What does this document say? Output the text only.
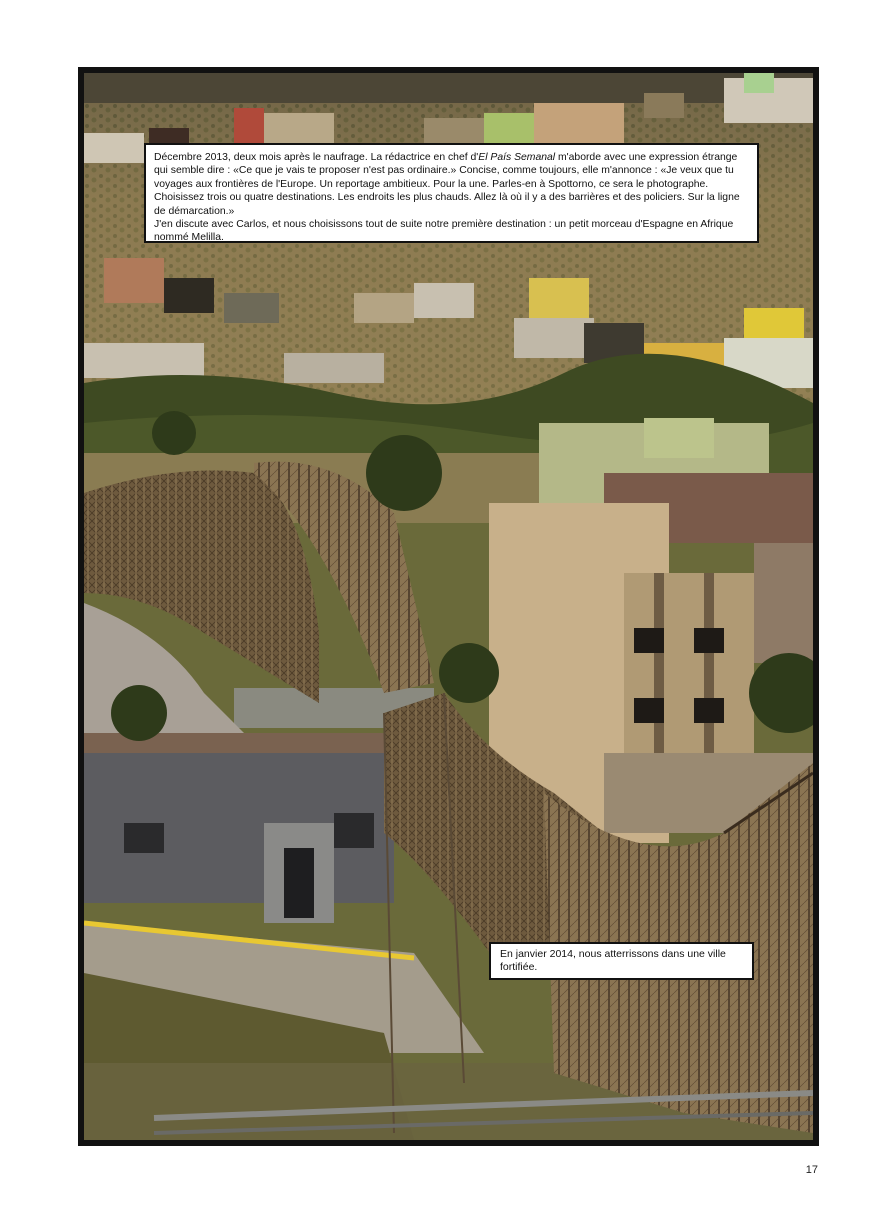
Décembre 2013, deux mois après le naufrage. La rédactrice en chef d'El País Semanal m'aborde avec une expression étrange qui semble dire : «Ce que je vais te proposer n'est pas ordinaire.» Concise, comme toujours, elle m'annonce : «Je veux que tu voyages aux frontières de l'Europe. Un reportage ambitieux. Pour la une. Parles-en à Spottorno, ce sera le photographe. Choisissez trois ou quatre destinations. Les endroits les plus chauds. Allez là où il y a des barrières et des policiers. Sur la ligne de démarcation.»

J'en discute avec Carlos, et nous choisissons tout de suite notre première destination : un petit morceau d'Espagne en Afrique nommé Melilla.

En janvier 2014, nous atterrissons dans une ville fortifiée.
17
